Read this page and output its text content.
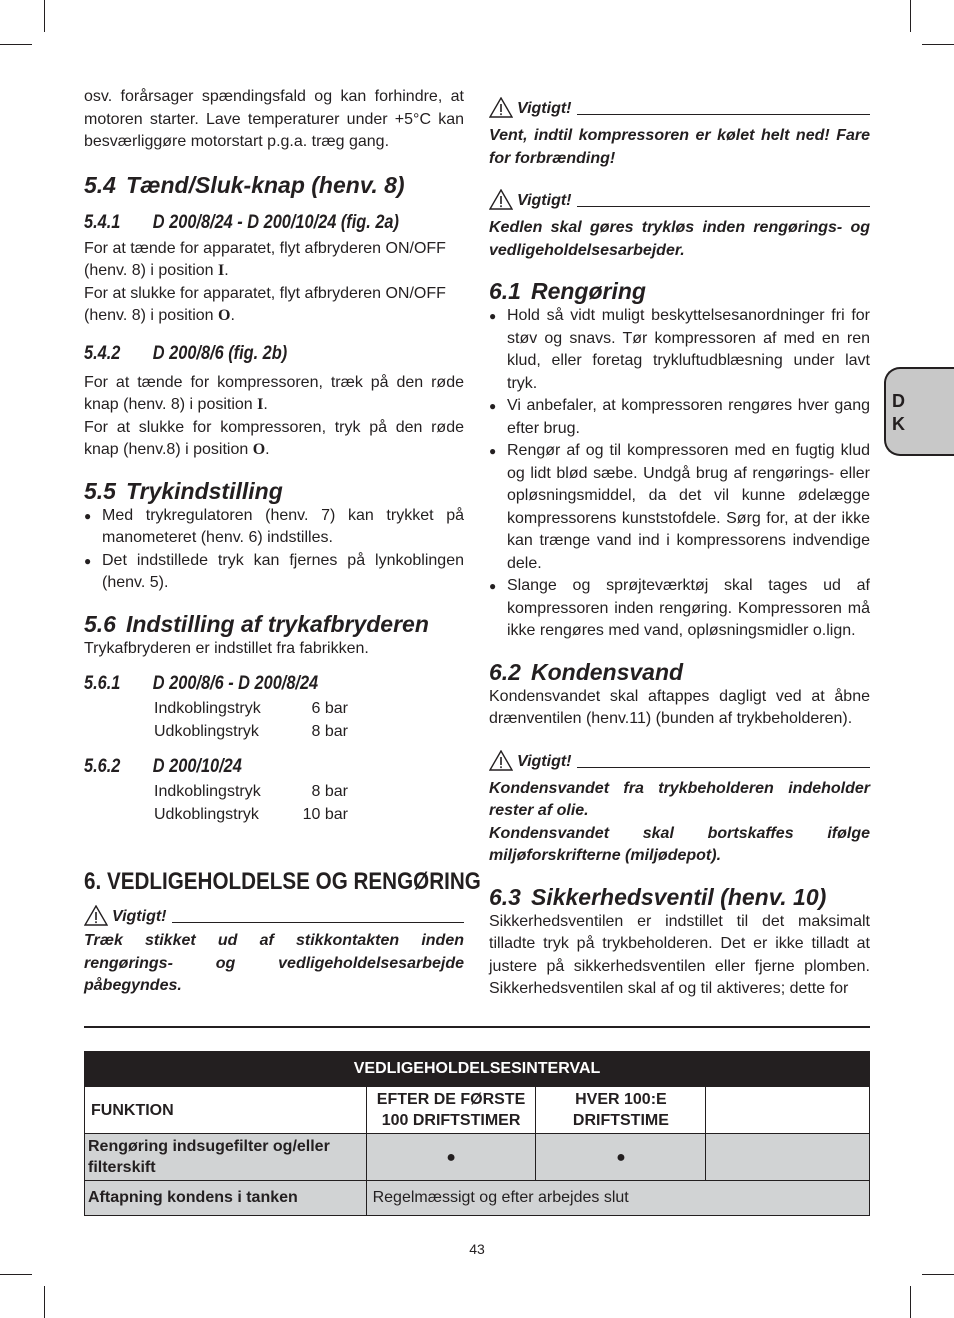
osv. forårsager spændingsfald og kan forhindre, at motoren starter. Lave temperaturer under +5°C kan besværliggøre motorstart p.g.a. træg gang.

5.4 Tænd/Sluk-knap (henv. 8)
5.4.1 D 200/8/24 - D 200/10/24 (fig. 2a)

For at tænde for apparatet, flyt afbryderen ON/OFF (henv. 8) i position I.

For at slukke for apparatet, flyt afbryderen ON/OFF (henv. 8) i position O.

5.4.2 D 200/8/6 (fig. 2b)

For at tænde for kompressoren, træk på den røde knap (henv. 8) i position I.

For at slukke for kompressoren, tryk på den røde knap (henv.8) i position O.

5.5 Trykindstilling
● Med trykregulatoren (henv. 7) kan trykket på manometeret (henv. 6) indstilles.
● Det indstillede tryk kan fjernes på lynkoblingen (henv. 5).
5.6 Indstilling af trykafbryderen

Trykafbryderen er indstillet fra fabrikken.

5.6.1 D 200/8/6 - D 200/8/24
Indkoblingstryk	6 bar
Udkoblingstryk	8 bar
5.6.2 D 200/10/24
Indkoblingstryk	8 bar
Udkoblingstryk	10 bar
6. VEDLIGEHOLDELSE OG RENGØRING
Vigtigt!

Træk stikket ud af stikkontakten inden rengørings- og vedligeholdelsesarbejde påbegyndes.

Vigtigt!

Vent, indtil kompressoren er kølet helt ned! Fare for forbrænding!

Vigtigt!

Kedlen skal gøres trykløs inden rengørings- og vedligeholdelsesarbejder.

6.1 Rengøring
● Hold så vidt muligt beskyttelsesanordninger fri for støv og snavs. Tør kompressoren af med en ren klud, eller foretag trykluftudblæsning under lavt tryk.
● Vi anbefaler, at kompressoren rengøres hver gang efter brug.
● Rengør af og til kompressoren med en fugtig klud og lidt blød sæbe. Undgå brug af rengørings- eller opløsningsmiddel, da det vil kunne ødelægge kompressorens kunststofdele. Sørg for, at der ikke kan trænge vand ind i kompressorens indvendige dele.
● Slange og sprøjteværktøj skal tages ud af kompressoren inden rengøring. Kompressoren må ikke rengøres med vand, opløsningsmidler o.lign.
6.2 Kondensvand

Kondensvandet skal aftappes dagligt ved at åbne drænventilen (henv.11) (bunden af trykbeholderen).

Vigtigt!

Kondensvandet fra trykbeholderen indeholder rester af olie.

Kondensvandet skal bortskaffes ifølge miljøforskrifterne (miljødepot).

6.3 Sikkerhedsventil (henv. 10)

Sikkerhedsventilen er indstillet til det maksimalt tilladte tryk på trykbeholderen. Det er ikke tilladt at justere på sikkerhedsventilen eller fjerne plomben. Sikkerhedsventilen skal af og til aktiveres; dette for

D
K
VEDLIGEHOLDELSESINTERVAL			
FUNKTION	EFTER DE FØRSTE 100 DRIFTSTIMER	HVER 100:E DRIFTSTIME	
Rengøring indsugefilter og/eller filterskift	●	●	
Aftapning kondens i tanken	Regelmæssigt og efter arbejdes slut		
43
